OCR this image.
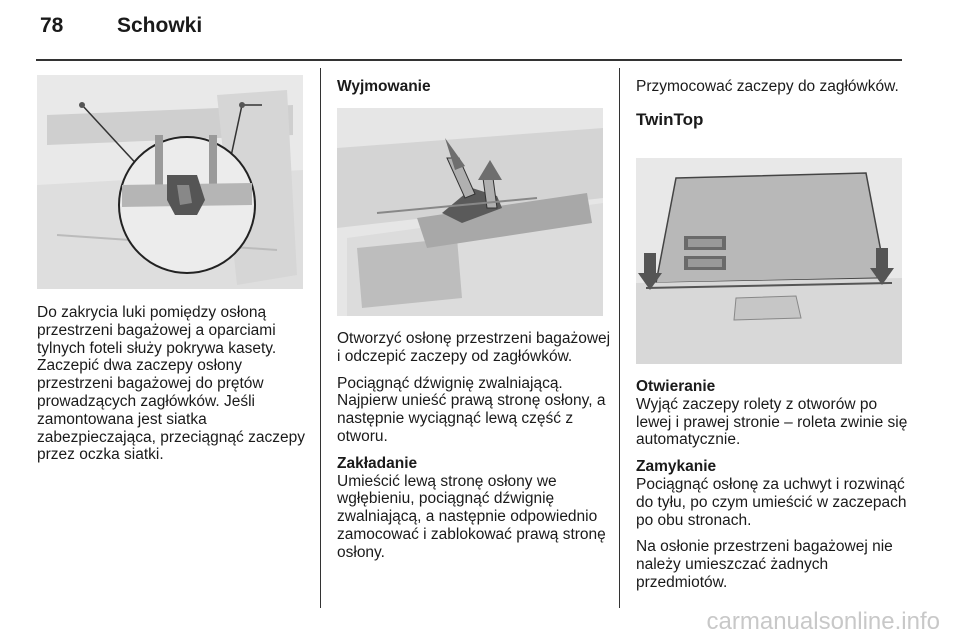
78	Schowki

Do zakrycia luki pomiędzy osłoną przestrzeni bagażowej a oparciami tylnych foteli służy pokrywa kasety. Zaczepić dwa zaczepy osłony przestrzeni bagażowej do prętów prowadzących zagłówków. Jeśli zamontowana jest siatka zabezpieczająca, przeciągnąć zaczepy przez oczka siatki.

Wyjmowanie

Otworzyć osłonę przestrzeni bagażowej i odczepić zaczepy od zagłówków.

Pociągnąć dźwignię zwalniającą. Najpierw unieść prawą stronę osłony, a następnie wyciągnąć lewą część z otworu.

Zakładanie

Umieścić lewą stronę osłony we wgłębieniu, pociągnąć dźwignię zwalniającą, a następnie odpowiednio zamocować i zablokować prawą stronę osłony.

Przymocować zaczepy do zagłówków.

TwinTop
Otwieranie

Wyjąć zaczepy rolety z otworów po lewej i prawej stronie – roleta zwinie się automatycznie.

Zamykanie

Pociągnąć osłonę za uchwyt i rozwinąć do tyłu, po czym umieścić w zaczepach po obu stronach.

Na osłonie przestrzeni bagażowej nie należy umieszczać żadnych przedmiotów.

carmanualsonline.info
